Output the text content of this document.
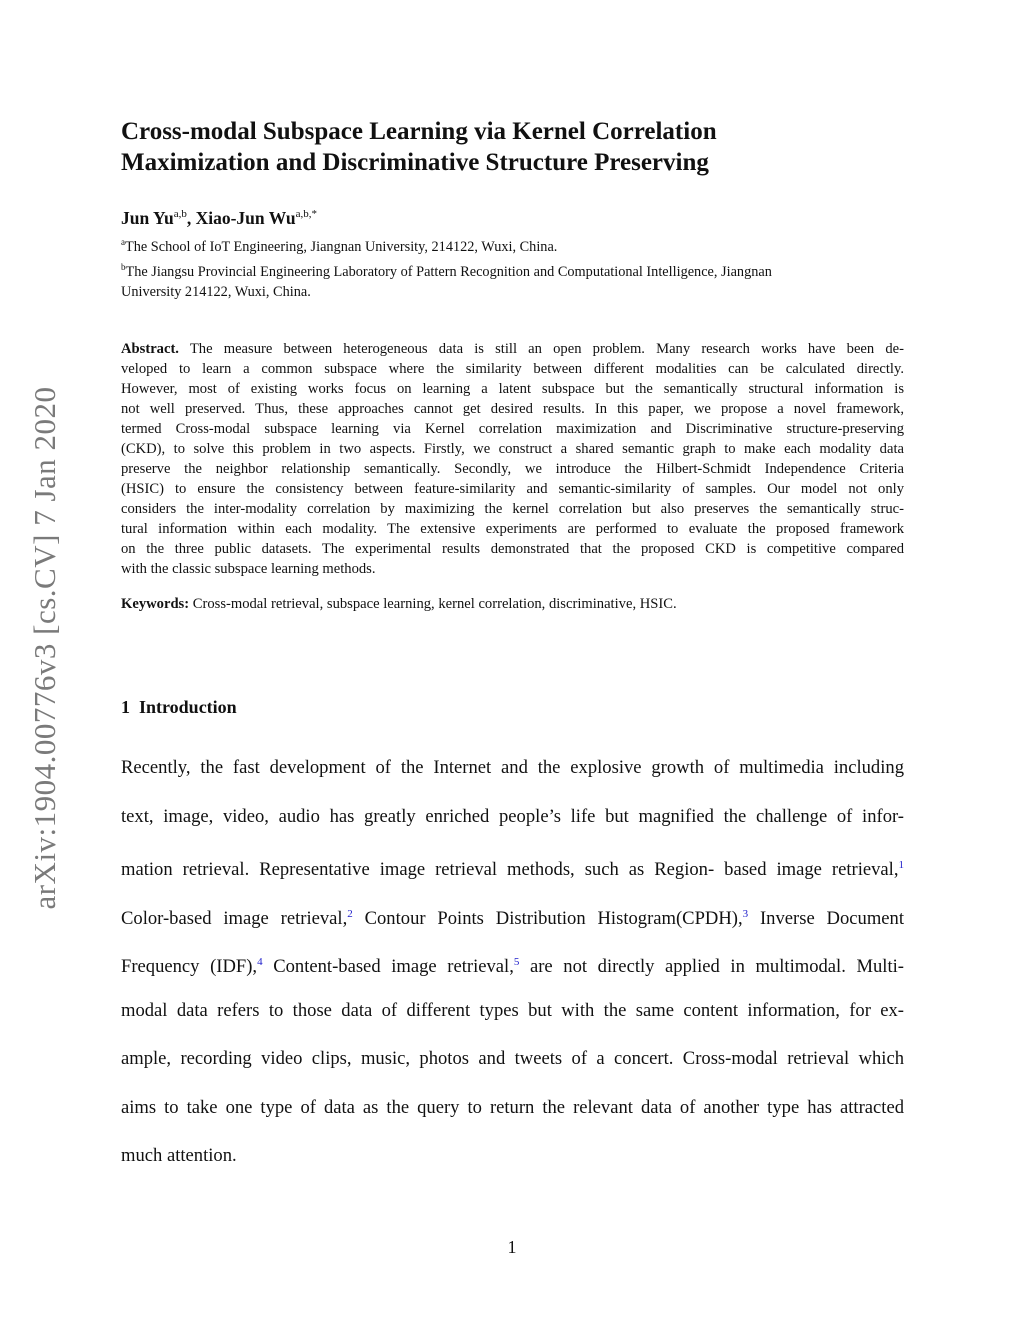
arXiv:1904.00776v3 [cs.CV] 7 Jan 2020
Cross-modal Subspace Learning via Kernel Correlation
Maximization and Discriminative Structure Preserving
Jun Yu$^{a,b}$, Xiao-Jun $Wu^{a,b,*}$
$^a$The School of IoT Engineering, Jiangnan University, 214122, Wuxi, China.
$^b$The Jiangsu Provincial Engineering Laboratory of Pattern Recognition and Computational Intelligence, Jiangnan
University 214122, Wuxi, China.
Abstract. The measure between heterogeneous data is still an open problem. Many research works have been de-
veloped to learn a common subspace where the similarity between different modalities can be calculated directly.
However, most of existing works focus on learning a latent subspace but the semantically structural information is
not well preserved. Thus, these approaches cannot get desired results. In this paper, we propose a novel framework,
termed Cross-modal subspace learning via Kernel correlation maximization and Discriminative structure-preserving
(CKD), to solve this problem in two aspects. Firstly, we construct a shared semantic graph to make each modality data
preserve the neighbor relationship semantically. Secondly, we introduce the Hilbert-Schmidt Independence Criteria
(HSIC) to ensure the consistency between feature-similarity and semantic-similarity of samples. Our model not only
considers the inter-modality correlation by maximizing the kernel correlation but also preserves the semantically struc-
tural information within each modality. The extensive experiments are performed to evaluate the proposed framework
on the three public datasets. The experimental results demonstrated that the proposed CKD is competitive compared
with the classic subspace learning methods.
Keywords: Cross-modal retrieval, subspace learning, kernel correlation, discriminative, HSIC.
1 Introduction
Recently, the fast development of the Internet and the explosive growth of multimedia including
text, image, video, audio has greatly enriched people’s life but magnified the challenge of infor-
mation retrieval. Representative image retrieval methods, such as Region- based image retrieval,$^1$
Color-based image retrieval,$^2$ Contour Points Distribution Histogram(CPDH),$^3$ Inverse Document
Frequency (IDF),$^4$ Content-based image retrieval,$^5$ are not directly applied in multimodal. Multi-
modal data refers to those data of different types but with the same content information, for ex-
ample, recording video clips, music, photos and tweets of a concert. Cross-modal retrieval which
aims to take one type of data as the query to return the relevant data of another type has attracted
much attention.
1
